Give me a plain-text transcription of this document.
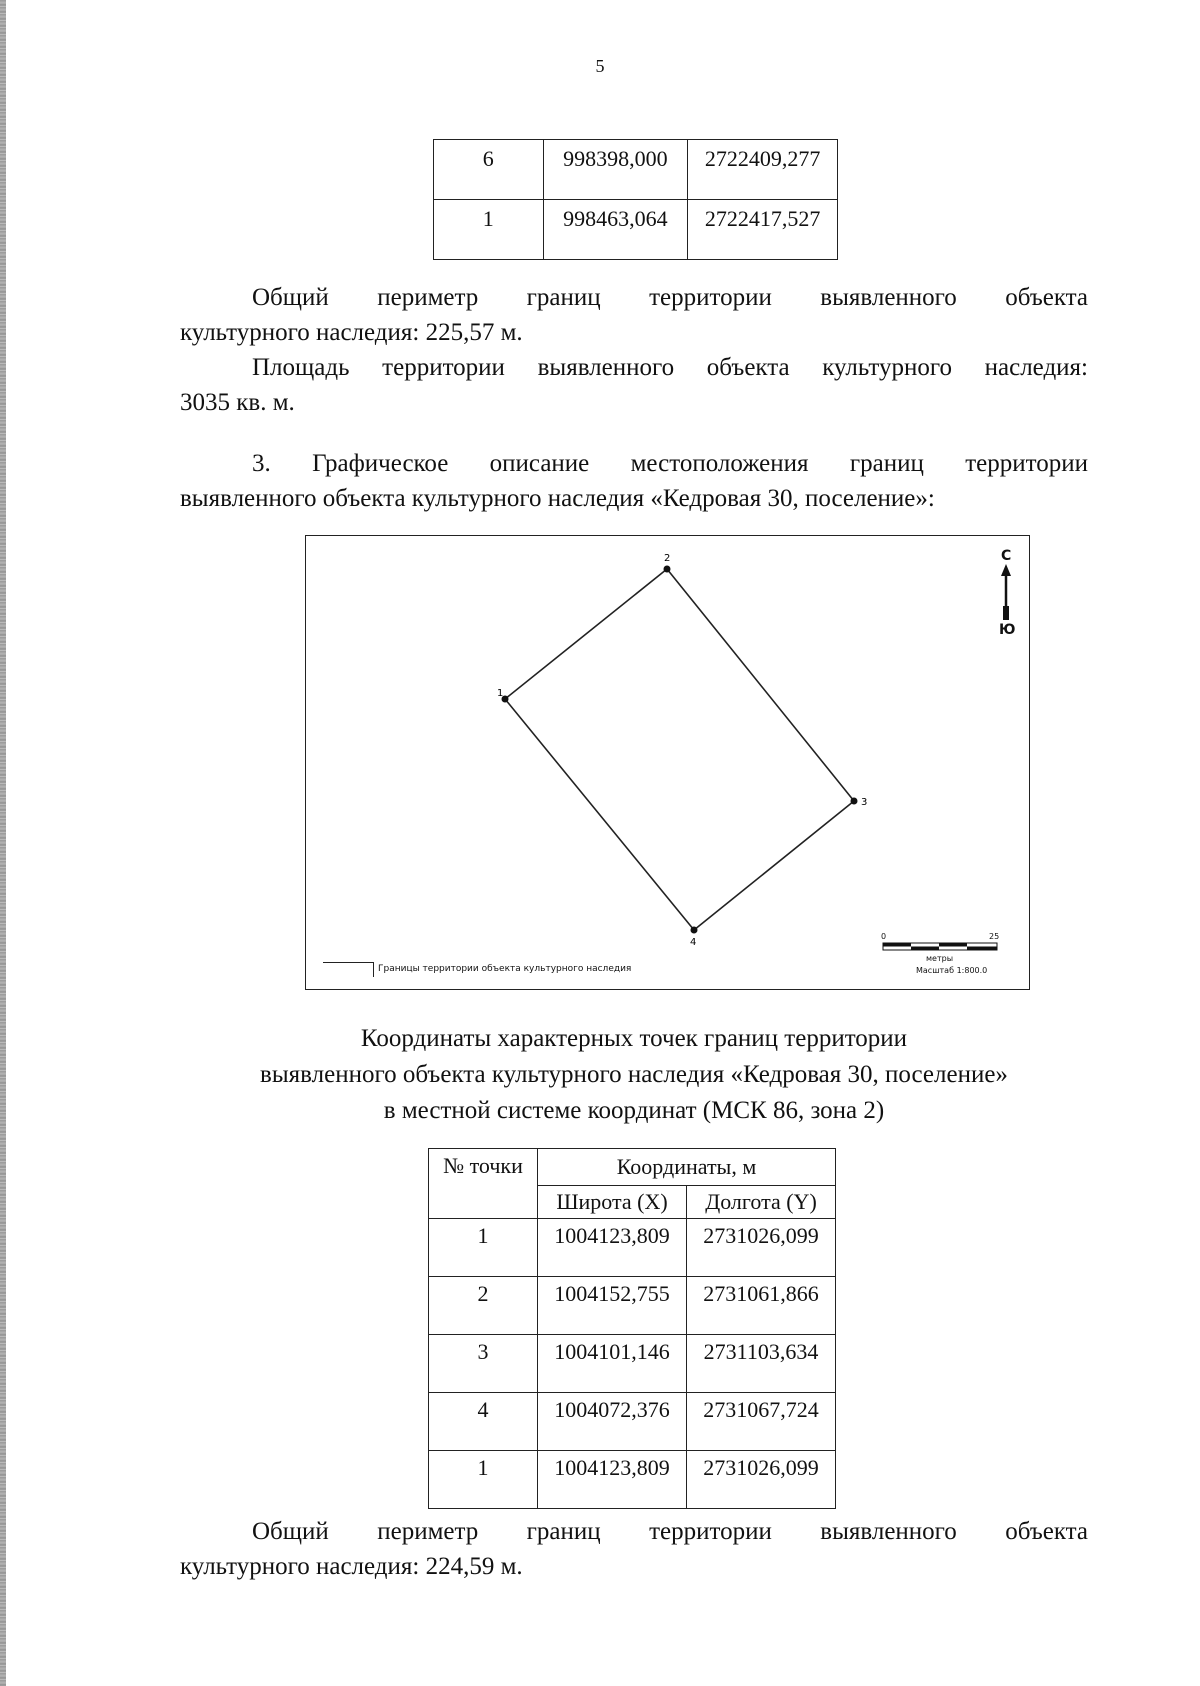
5
6	998398,000	2722409,277
1	998463,064	2722417,527
Общий периметр границ территории выявленного объекта
культурного наследия: 225,57 м.
Площадь территории выявленного объекта культурного наследия:
3035 кв. м.
3. Графическое описание местоположения границ территории
выявленного объекта культурного наследия «Кедровая 30, поселение»:
1
2
3
4
С
Ю
Границы территории объекта культурного наследия
0	25
метры
Масштаб 1:800.0
Координаты характерных точек границ территории
выявленного объекта культурного наследия «Кедровая 30, поселение»
в местной системе координат (МСК 86, зона 2)
№ точки	Координаты, м	
	Широта (X)	Долгота (Y)
1	1004123,809	2731026,099
2	1004152,755	2731061,866
3	1004101,146	2731103,634
4	1004072,376	2731067,724
1	1004123,809	2731026,099
Общий периметр границ территории выявленного объекта
культурного наследия: 224,59 м.
